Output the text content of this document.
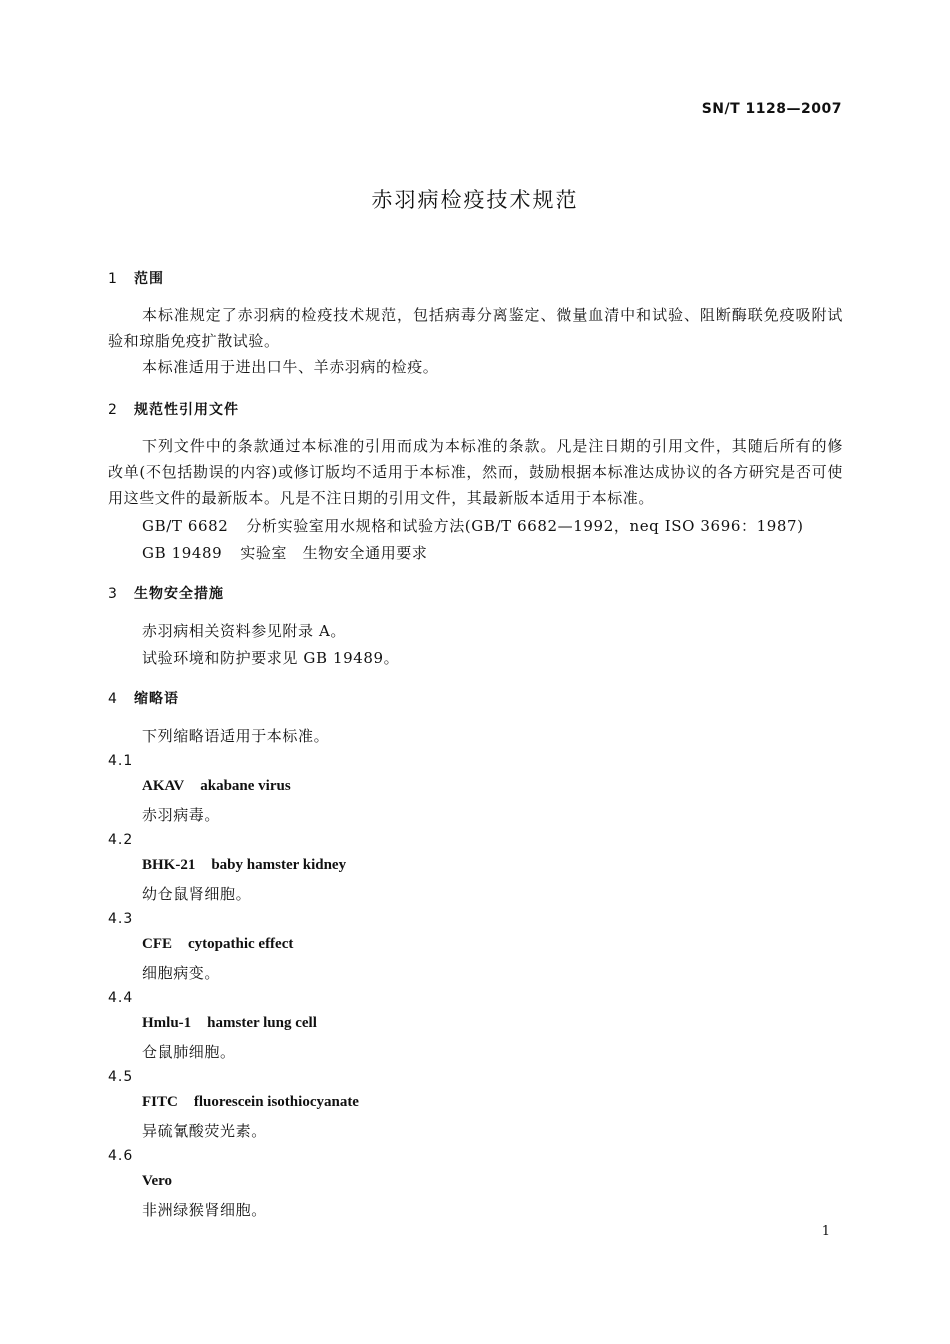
SN/T 1128—2007
赤羽病检疫技术规范
1 范围
本标准规定了赤羽病的检疫技术规范，包括病毒分离鉴定、微量血清中和试验、阻断酶联免疫吸附试验和琼脂免疫扩散试验。
本标准适用于进出口牛、羊赤羽病的检疫。
2 规范性引用文件
下列文件中的条款通过本标准的引用而成为本标准的条款。凡是注日期的引用文件，其随后所有的修改单(不包括勘误的内容)或修订版均不适用于本标准，然而，鼓励根据本标准达成协议的各方研究是否可使用这些文件的最新版本。凡是不注日期的引用文件，其最新版本适用于本标准。
GB/T 6682 分析实验室用水规格和试验方法(GB/T 6682—1992，neq ISO 3696：1987)
GB 19489 实验室　生物安全通用要求
3 生物安全措施
赤羽病相关资料参见附录 A。
试验环境和防护要求见 GB 19489。
4 缩略语
下列缩略语适用于本标准。
4.1
AKAV akabane virus
赤羽病毒。
4.2
BHK-21 baby hamster kidney
幼仓鼠肾细胞。
4.3
CFE cytopathic effect
细胞病变。
4.4
Hmlu-1 hamster lung cell
仓鼠肺细胞。
4.5
FITC fluorescein isothiocyanate
异硫氰酸荧光素。
4.6
Vero
非洲绿猴肾细胞。
1
